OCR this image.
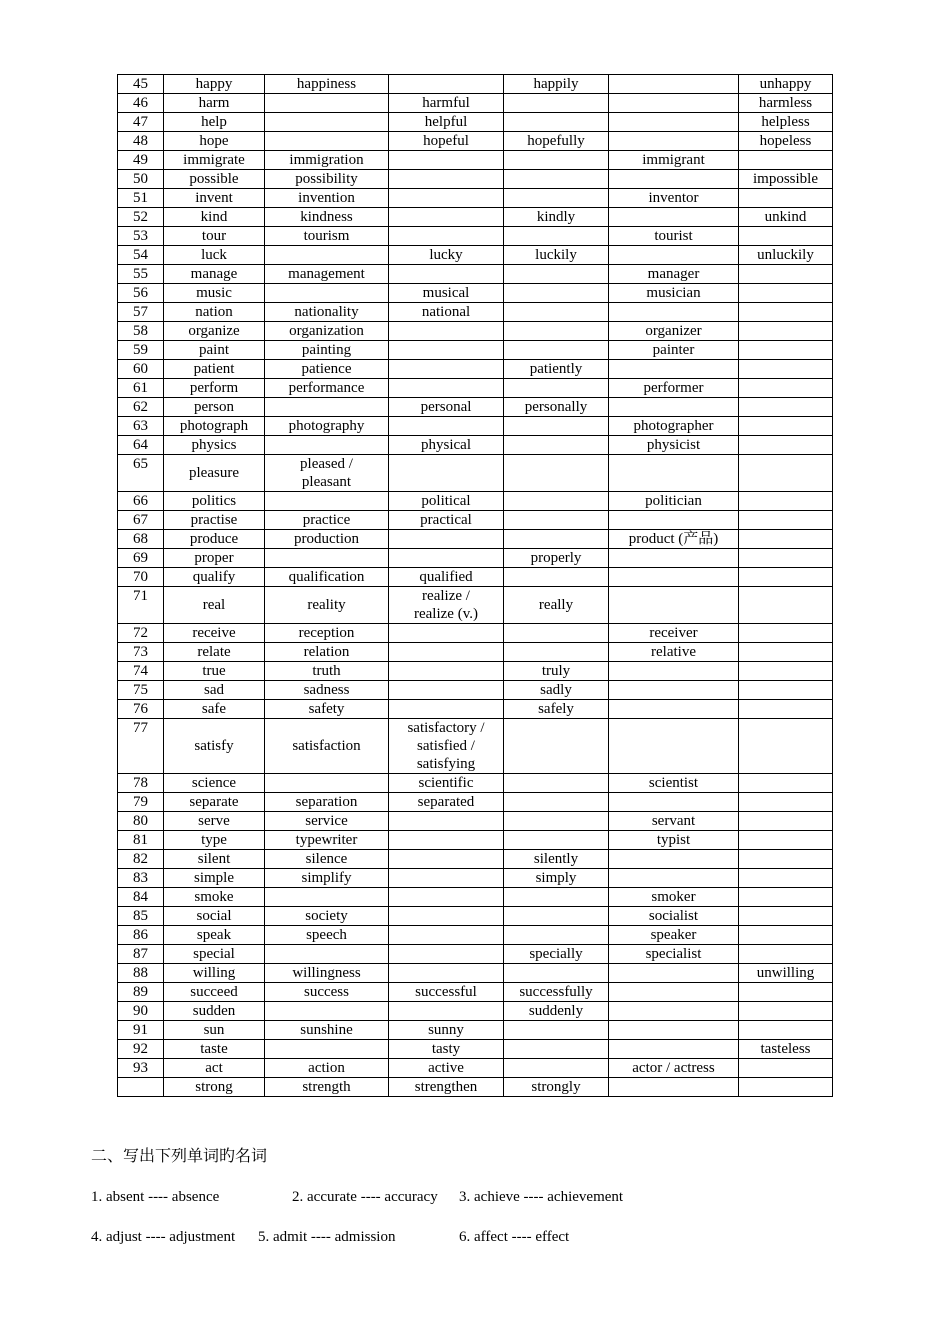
45	happy	happiness		happily		unhappy
46	harm		harmful			harmless
47	help		helpful			helpless
48	hope		hopeful	hopefully		hopeless
49	immigrate	immigration			immigrant	
50	possible	possibility				impossible
51	invent	invention			inventor	
52	kind	kindness		kindly		unkind
53	tour	tourism			tourist	
54	luck		lucky	luckily		unluckily
55	manage	management			manager	
56	music		musical		musician	
57	nation	nationality	national			
58	organize	organization			organizer	
59	paint	painting			painter	
60	patient	patience		patiently		
61	perform	performance			performer	
62	person		personal	personally		
63	photograph	photography			photographer	
64	physics		physical		physicist	
65	pleasure	pleased /
pleasant				
66	politics		political		politician	
67	practise	practice	practical			
68	produce	production			product (产品)	
69	proper			properly		
70	qualify	qualification	qualified			
71	real	reality	realize /
realize (v.)	really		
72	receive	reception			receiver	
73	relate	relation			relative	
74	true	truth		truly		
75	sad	sadness		sadly		
76	safe	safety		safely		
77	satisfy	satisfaction	satisfactory /
satisfied /
satisfying			
78	science		scientific		scientist	
79	separate	separation	separated			
80	serve	service			servant	
81	type	typewriter			typist	
82	silent	silence		silently		
83	simple	simplify		simply		
84	smoke				smoker	
85	social	society			socialist	
86	speak	speech			speaker	
87	special			specially	specialist	
88	willing	willingness				unwilling
89	succeed	success	successful	successfully		
90	sudden			suddenly		
91	sun	sunshine	sunny			
92	taste		tasty			tasteless
93	act	action	active		actor / actress	
	strong	strength	strengthen	strongly		
二、写出下列单词旳名词
1. absent ---- absence	2. accurate ---- accuracy 3. achieve ---- achievement
4. adjust ---- adjustment 5. admit ---- admission	6. affect ---- effect
